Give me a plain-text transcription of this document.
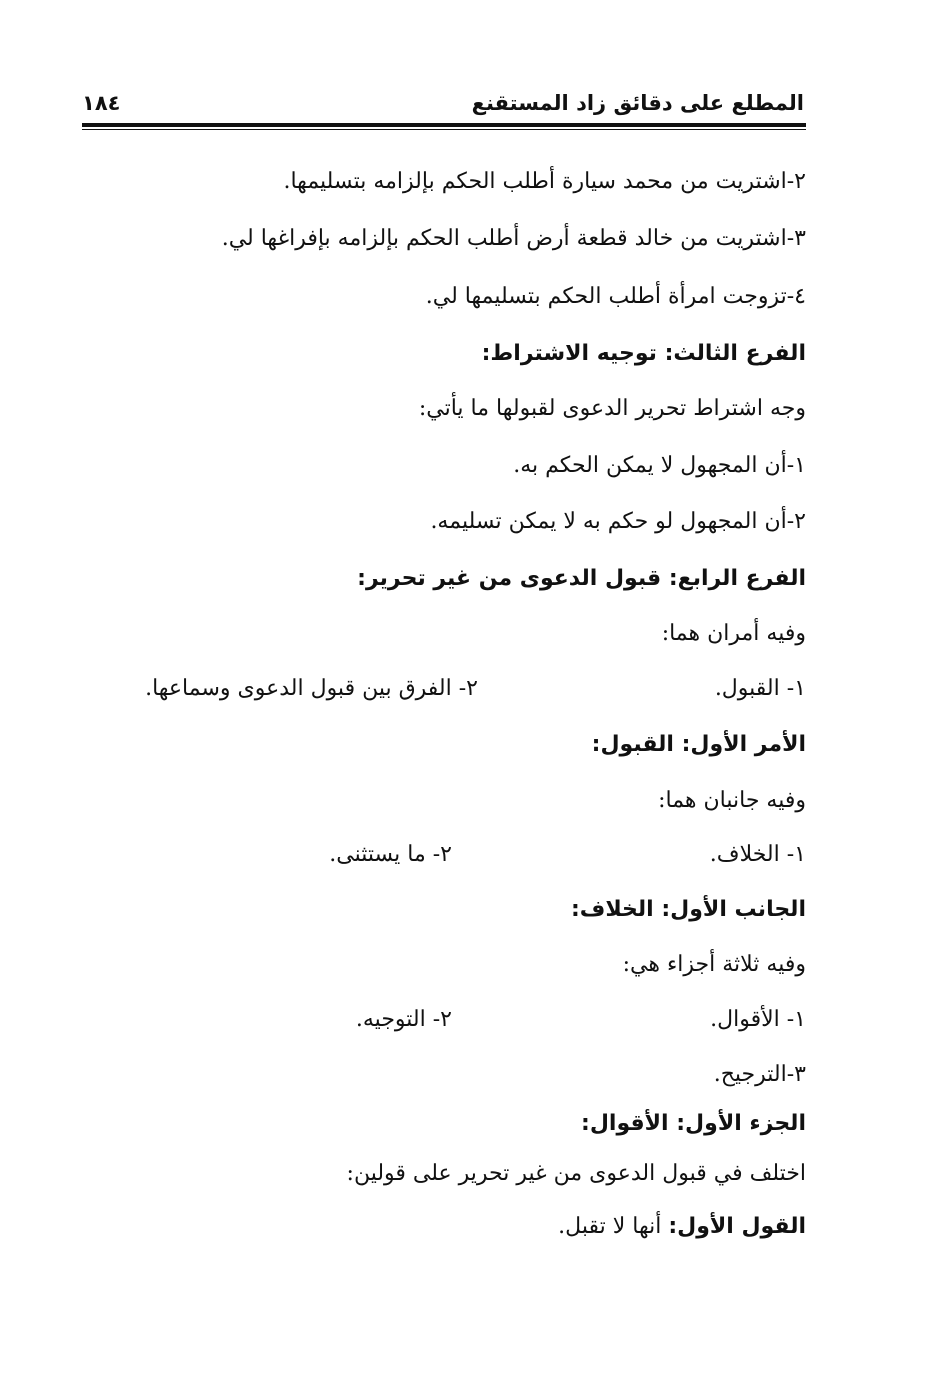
المطلع على دقائق زاد المستقنع
١٨٤
٢-اشتريت من محمد سيارة أطلب الحكم بإلزامه بتسليمها.
٣-اشتريت من خالد قطعة أرض أطلب الحكم بإلزامه بإفراغها لي.
٤-تزوجت امرأة أطلب الحكم بتسليمها لي.
الفرع الثالث: توجيه الاشتراط:
وجه اشتراط تحرير الدعوى لقبولها ما يأتي:
١-أن المجهول لا يمكن الحكم به.
٢-أن المجهول لو حكم به لا يمكن تسليمه.
الفرع الرابع: قبول الدعوى من غير تحرير:
وفيه أمران هما:
١- القبول.
٢- الفرق بين قبول الدعوى وسماعها.
الأمر الأول: القبول:
وفيه جانبان هما:
١- الخلاف.
٢- ما يستثنى.
الجانب الأول: الخلاف:
وفيه ثلاثة أجزاء هي:
١- الأقوال.
٢- التوجيه.
٣-الترجيح.
الجزء الأول: الأقوال:
اختلف في قبول الدعوى من غير تحرير على قولين:
القول الأول: أنها لا تقبل.
